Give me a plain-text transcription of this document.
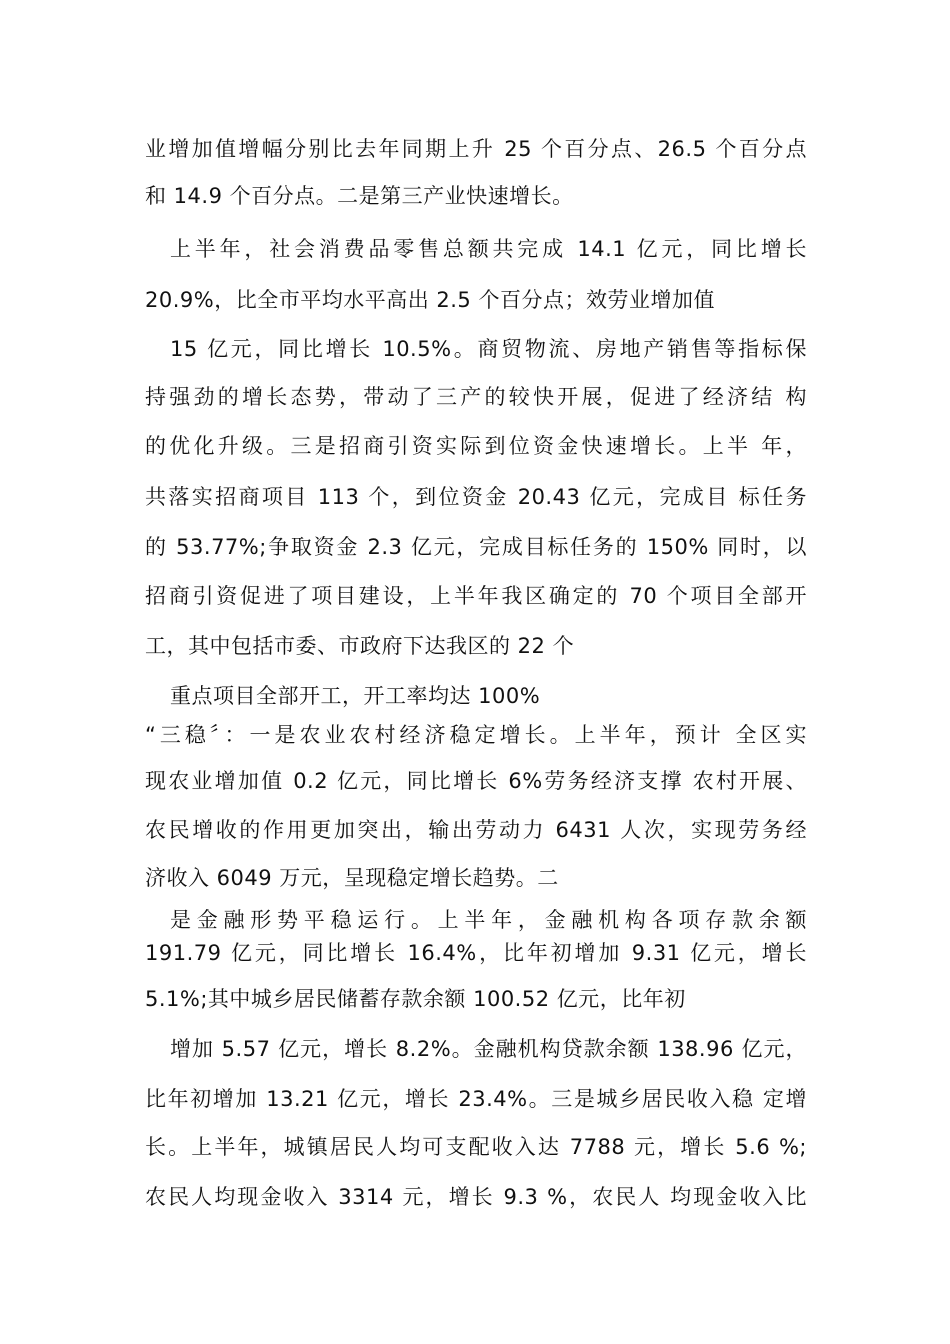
业增加值增幅分别比去年同期上升 25 个百分点、26.5 个百分点
和 14.9 个百分点。二是第三产业快速增长。
上半年，社会消费品零售总额共完成 14.1 亿元，同比增长
20.9%，比全市平均水平高出 2.5 个百分点；效劳业增加值
15 亿元，同比增长 10.5%。商贸物流、房地产销售等指标保
持强劲的增长态势，带动了三产的较快开展，促进了经济结 构
的优化升级。三是招商引资实际到位资金快速增长。上半 年，
共落实招商项目 113 个，到位资金 20.43 亿元，完成目 标任务
的 53.77%;争取资金 2.3 亿元，完成目标任务的 150% 同时，以
招商引资促进了项目建设，上半年我区确定的 70 个项目全部开
工，其中包括市委、市政府下达我区的 22 个
重点项目全部开工，开工率均达 100%
“三稳〞：一是农业农村经济稳定增长。上半年，预计 全区实
现农业增加值 0.2 亿元，同比增长 6%劳务经济支撑 农村开展、
农民增收的作用更加突出，输出劳动力 6431 人次，实现劳务经
济收入 6049 万元，呈现稳定增长趋势。二
是金融形势平稳运行。上半年，金融机构各项存款余额
191.79 亿元，同比增长 16.4%，比年初增加 9.31 亿元，增长
5.1%;其中城乡居民储蓄存款余额 100.52 亿元，比年初
增加 5.57 亿元，增长 8.2%。金融机构贷款余额 138.96 亿元，
比年初增加 13.21 亿元，增长 23.4%。三是城乡居民收入稳 定增
长。上半年，城镇居民人均可支配收入达 7788 元，增长 5.6 %;
农民人均现金收入 3314 元，增长 9.3 %，农民人 均现金收入比
